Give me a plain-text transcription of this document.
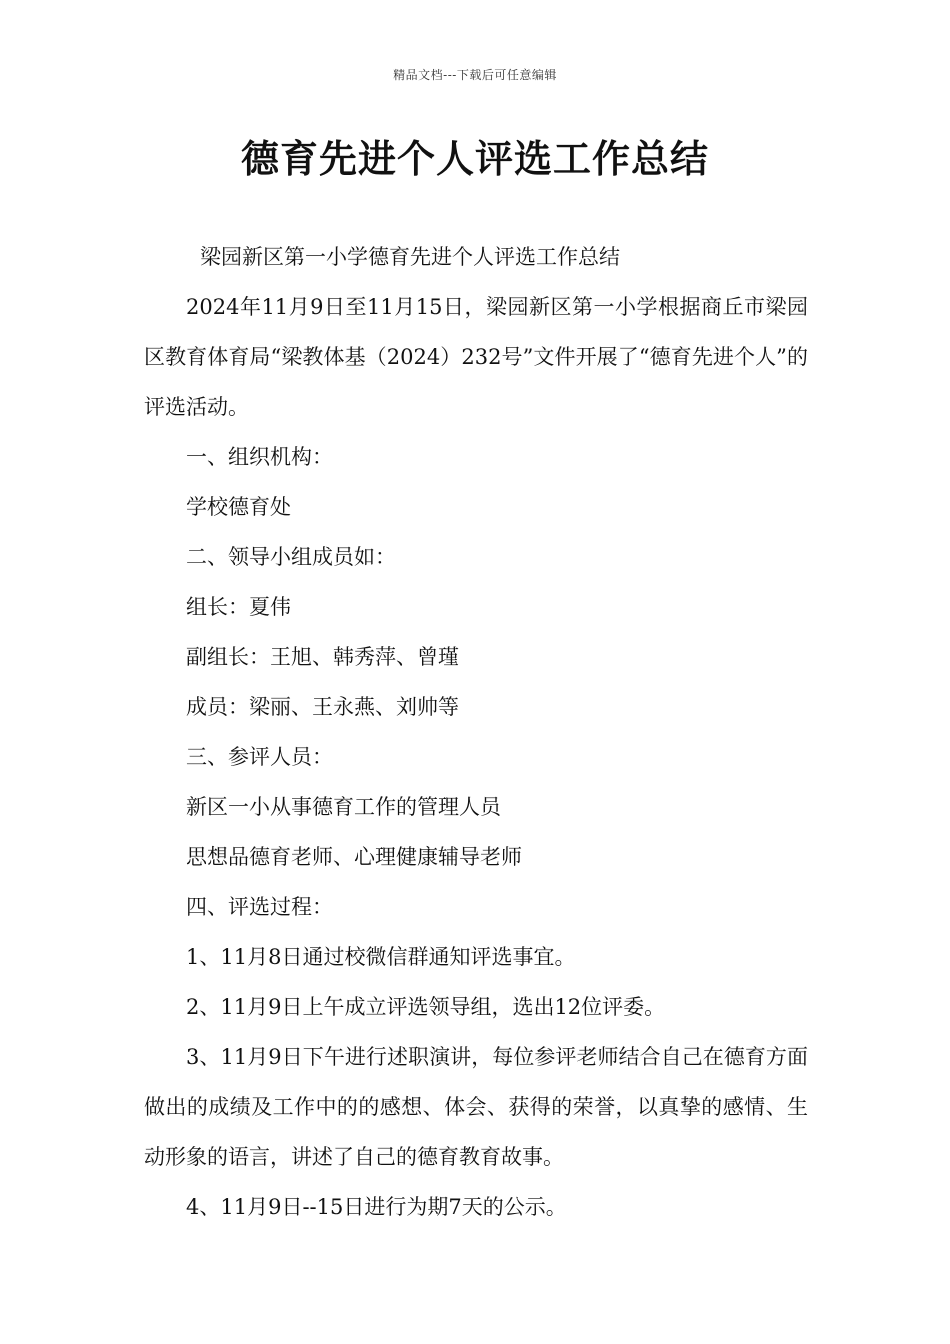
精品文档---下载后可任意编辑
德育先进个人评选工作总结

梁园新区第一小学德育先进个人评选工作总结

2024年11月9日至11月15日，梁园新区第一小学根据商丘市梁园区教育体育局“梁教体基（2024）232号”文件开展了“德育先进个人”的评选活动。

一、组织机构：

学校德育处

二、领导小组成员如：

组长：夏伟

副组长：王旭、韩秀萍、曾瑾

成员：梁丽、王永燕、刘帅等

三、参评人员：

新区一小从事德育工作的管理人员

思想品德育老师、心理健康辅导老师

四、评选过程：

1、11月8日通过校微信群通知评选事宜。

2、11月9日上午成立评选领导组，选出12位评委。

3、11月9日下午进行述职演讲，每位参评老师结合自己在德育方面做出的成绩及工作中的的感想、体会、获得的荣誉，以真挚的感情、生动形象的语言，讲述了自己的德育教育故事。

4、11月9日--15日进行为期7天的公示。
